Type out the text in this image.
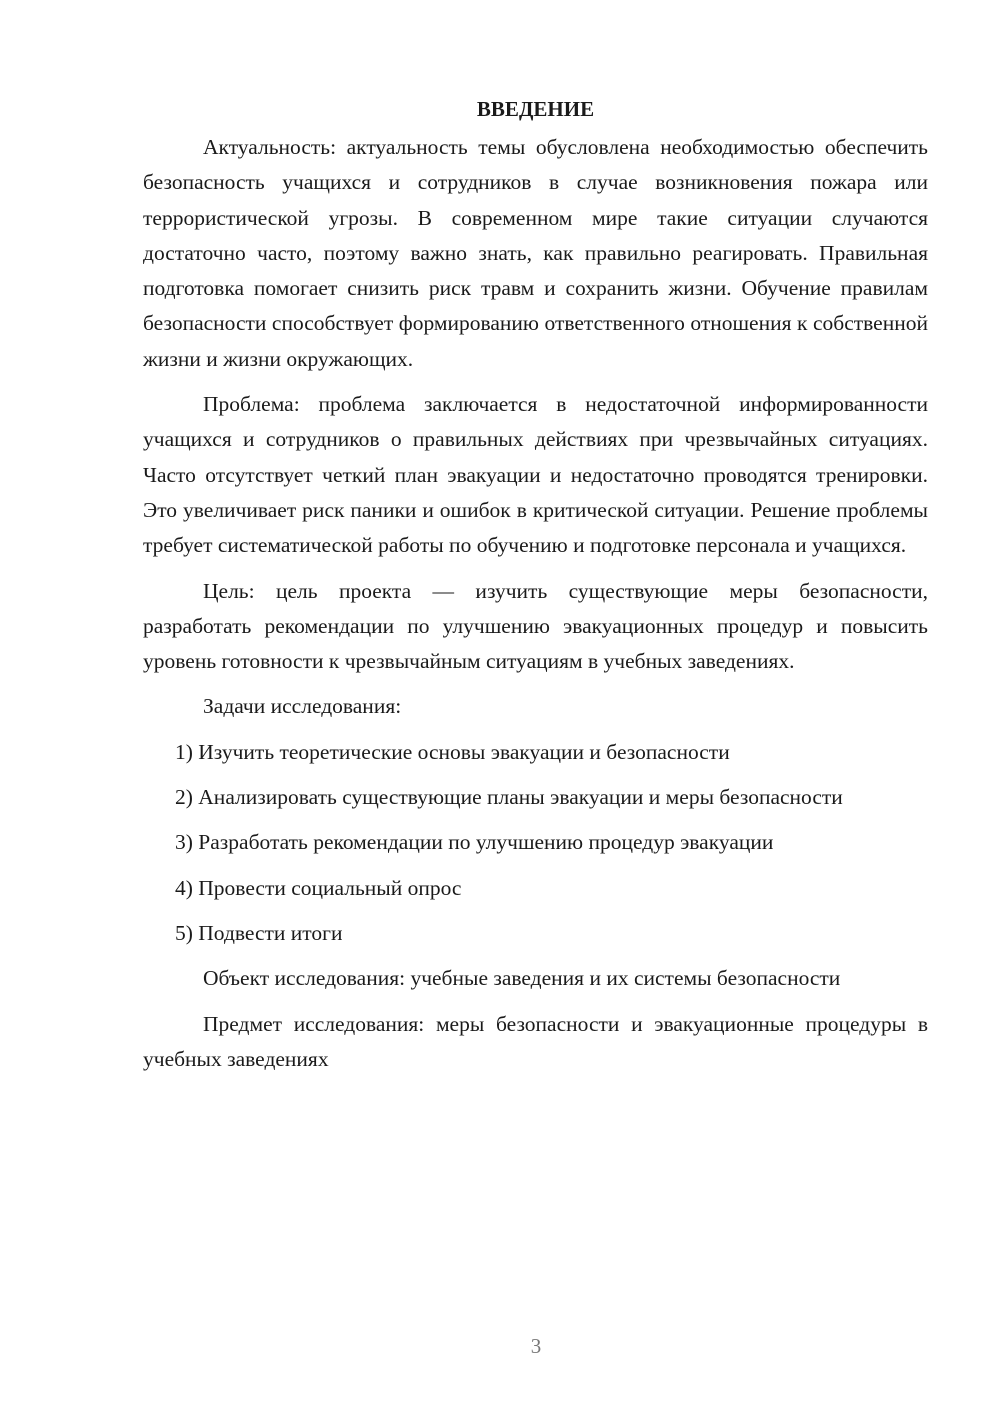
ВВЕДЕНИЕ

Актуальность: актуальность темы обусловлена необходимостью обеспечить безопасность учащихся и сотрудников в случае возникновения пожара или террористической угрозы. В современном мире такие ситуации случаются достаточно часто, поэтому важно знать, как правильно реагировать. Правильная подготовка помогает снизить риск травм и сохранить жизни. Обучение правилам безопасности способствует формированию ответственного отношения к собственной жизни и жизни окружающих.

Проблема: проблема заключается в недостаточной информированности учащихся и сотрудников о правильных действиях при чрезвычайных ситуациях. Часто отсутствует четкий план эвакуации и недостаточно проводятся тренировки. Это увеличивает риск паники и ошибок в критической ситуации. Решение проблемы требует систематической работы по обучению и подготовке персонала и учащихся.

Цель: цель проекта — изучить существующие меры безопасности, разработать рекомендации по улучшению эвакуационных процедур и повысить уровень готовности к чрезвычайным ситуациям в учебных заведениях.

Задачи исследования:

1) Изучить теоретические основы эвакуации и безопасности

2) Анализировать существующие планы эвакуации и меры безопасности

3) Разработать рекомендации по улучшению процедур эвакуации

4) Провести социальный опрос

5) Подвести итоги

Объект исследования: учебные заведения и их системы безопасности

Предмет исследования: меры безопасности и эвакуационные процедуры в учебных заведениях

3
